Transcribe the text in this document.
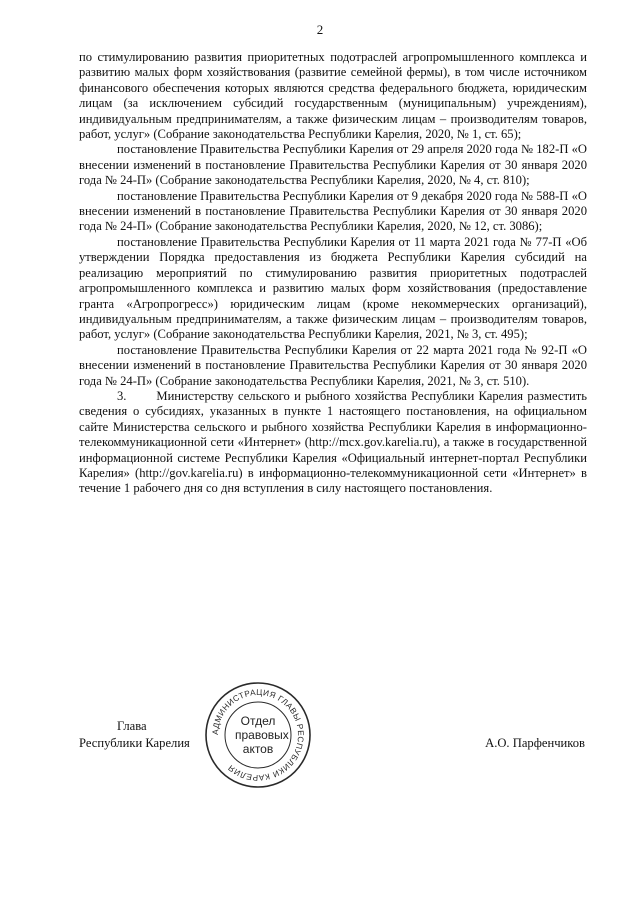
2

по стимулированию развития приоритетных подотраслей агропромышленного комплекса и развитию малых форм хозяйствования (развитие семейной фермы), в том числе источником финансового обеспечения которых являются средства федерального бюджета, юридическим лицам (за исключением субсидий государственным (муниципальным) учреждениям), индивидуальным предпринимателям, а также физическим лицам – производителям товаров, работ, услуг» (Собрание законодательства Республики Карелия, 2020, № 1, ст. 65);

постановление Правительства Республики Карелия от 29 апреля 2020 года № 182-П «О внесении изменений в постановление Правительства Республики Карелия от 30 января 2020 года № 24-П» (Собрание законодательства Республики Карелия, 2020, № 4, ст. 810);

постановление Правительства Республики Карелия от 9 декабря 2020 года № 588-П «О внесении изменений в постановление Правительства Республики Карелия от 30 января 2020 года № 24-П» (Собрание законодательства Республики Карелия, 2020, № 12, ст. 3086);

постановление Правительства Республики Карелия от 11 марта 2021 года № 77-П «Об утверждении Порядка предоставления из бюджета Республики Карелия субсидий на реализацию мероприятий по стимулированию развития приоритетных подотраслей агропромышленного комплекса и развитию малых форм хозяйствования (предоставление гранта «Агропрогресс») юридическим лицам (кроме некоммерческих организаций), индивидуальным предпринимателям, а также физическим лицам – производителям товаров, работ, услуг» (Собрание законодательства Республики Карелия, 2021, № 3, ст. 495);

постановление Правительства Республики Карелия от 22 марта 2021 года № 92-П «О внесении изменений в постановление Правительства Республики Карелия от 30 января 2020 года № 24-П» (Собрание законодательства Республики Карелия, 2021, № 3, ст. 510).

3.       Министерству сельского и рыбного хозяйства Республики Карелия разместить сведения о субсидиях, указанных в пункте 1 настоящего постановления, на официальном сайте Министерства сельского и рыбного хозяйства Республики Карелия в информационно-телекоммуникационной сети «Интернет» (http://mcx.gov.karelia.ru), а также в государственной информационной системе Республики Карелия «Официальный интернет-портал Республики Карелия» (http://gov.karelia.ru) в информационно-телекоммуникационной сети «Интернет» в течение 1 рабочего дня со дня вступления в силу настоящего постановления.

Глава
Республики Карелия	А.О. Парфенчиков
АДМИНИСТРАЦИЯ ГЛАВЫ РЕСПУБЛИКИ КАРЕЛИЯ
Отдел
правовых
актов
